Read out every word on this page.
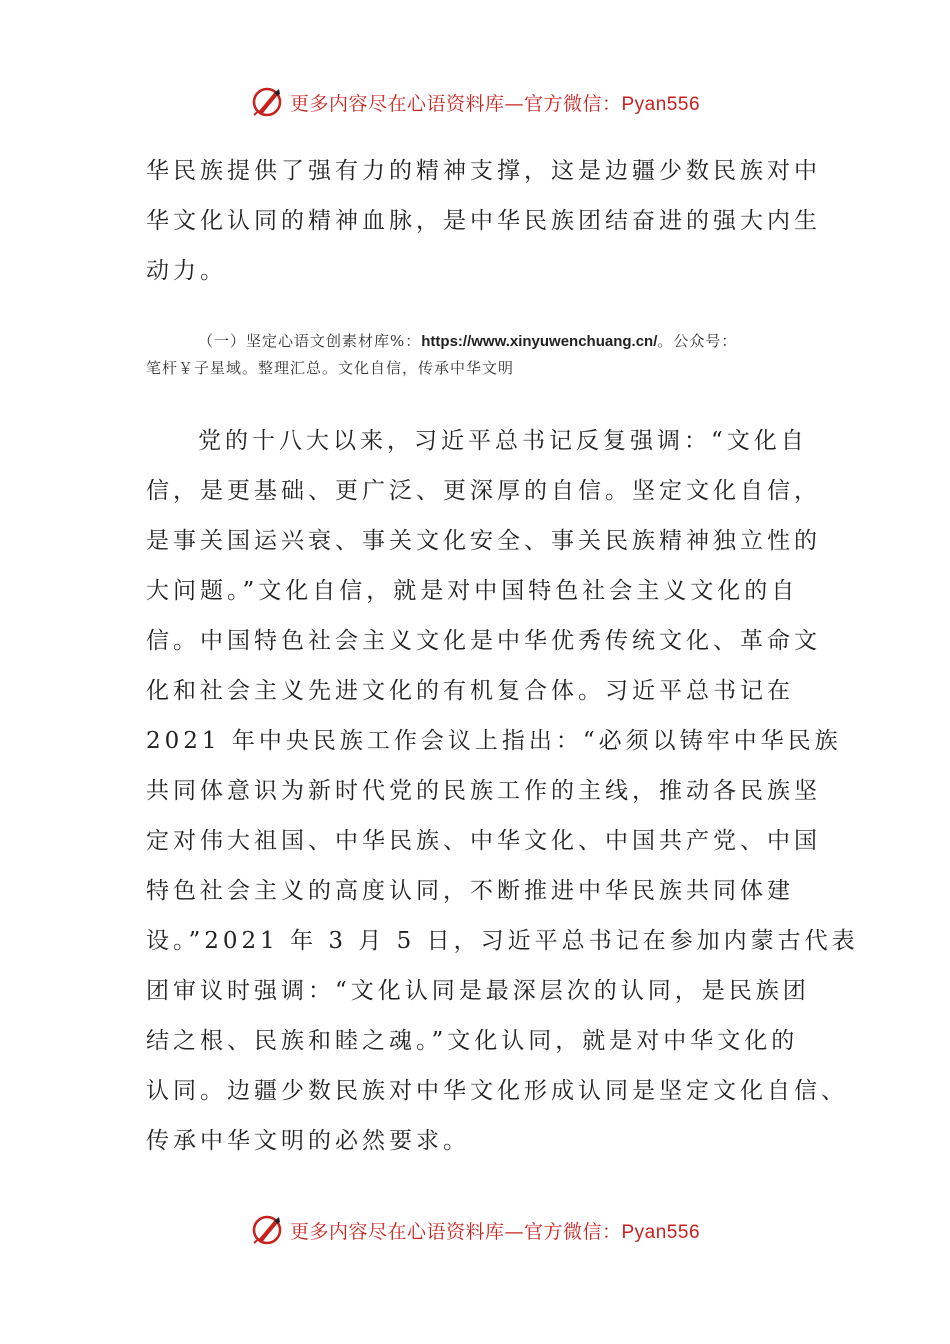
更多内容尽在心语资料库—官方微信：Pyan556
华民族提供了强有力的精神支撑，这是边疆少数民族对中
华文化认同的精神血脉，是中华民族团结奋进的强大内生
动力。
（一）坚定心语文创素材库%：https://www.xinyuwenchuang.cn/。公众号：
笔杆￥子星域。整理汇总。文化自信，传承中华文明
党的十八大以来，习近平总书记反复强调：“文化自
信，是更基础、更广泛、更深厚的自信。坚定文化自信，
是事关国运兴衰、事关文化安全、事关民族精神独立性的
大问题。”文化自信，就是对中国特色社会主义文化的自
信。中国特色社会主义文化是中华优秀传统文化、革命文
化和社会主义先进文化的有机复合体。习近平总书记在
2021 年中央民族工作会议上指出：“必须以铸牢中华民族
共同体意识为新时代党的民族工作的主线，推动各民族坚
定对伟大祖国、中华民族、中华文化、中国共产党、中国
特色社会主义的高度认同，不断推进中华民族共同体建
设。”2021 年 3 月 5 日，习近平总书记在参加内蒙古代表
团审议时强调：“文化认同是最深层次的认同，是民族团
结之根、民族和睦之魂。”文化认同，就是对中华文化的
认同。边疆少数民族对中华文化形成认同是坚定文化自信、
传承中华文明的必然要求。
更多内容尽在心语资料库—官方微信：Pyan556
